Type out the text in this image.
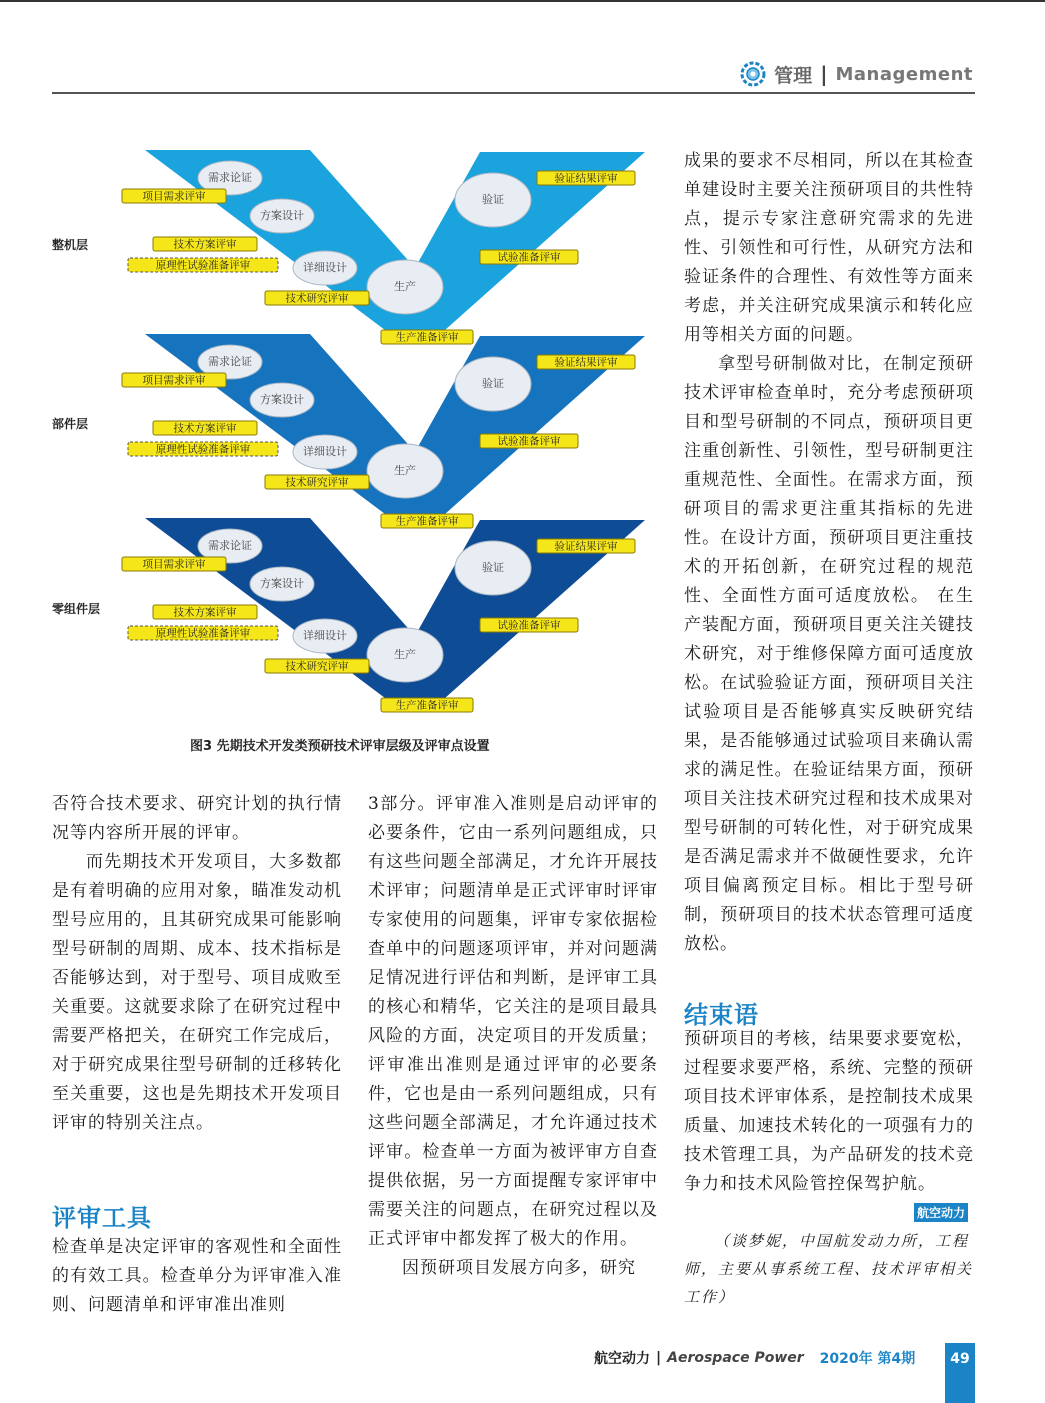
管理 | Management
需求论证
方案设计
详细设计
生产
验证
项目需求评审
技术方案评审
原理性试验准备评审
技术研究评审
生产准备评审
试验准备评审
验证结果评审
需求论证
方案设计
详细设计
生产
验证
项目需求评审
技术方案评审
原理性试验准备评审
技术研究评审
生产准备评审
试验准备评审
验证结果评审
需求论证
方案设计
详细设计
生产
验证
项目需求评审
技术方案评审
原理性试验准备评审
技术研究评审
生产准备评审
试验准备评审
验证结果评审
整机层
部件层
零组件层
图3 先期技术开发类预研技术评审层级及评审点设置

否符合技术要求、研究计划的执行情况等内容所开展的评审。

而先期技术开发项目，大多数都是有着明确的应用对象，瞄准发动机型号应用的，且其研究成果可能影响型号研制的周期、成本、技术指标是否能够达到，对于型号、项目成败至关重要。这就要求除了在研究过程中需要严格把关，在研究工作完成后，对于研究成果往型号研制的迁移转化至关重要，这也是先期技术开发项目评审的特别关注点。

评审工具

检查单是决定评审的客观性和全面性的有效工具。检查单分为评审准入准则、问题清单和评审准出准则

3部分。评审准入准则是启动评审的必要条件，它由一系列问题组成，只有这些问题全部满足，才允许开展技术评审；问题清单是正式评审时评审专家使用的问题集，评审专家依据检查单中的问题逐项评审，并对问题满足情况进行评估和判断，是评审工具的核心和精华，它关注的是项目最具风险的方面，决定项目的开发质量；评审准出准则是通过评审的必要条件，它也是由一系列问题组成，只有这些问题全部满足，才允许通过技术评审。检查单一方面为被评审方自查提供依据，另一方面提醒专家评审中需要关注的问题点，在研究过程以及正式评审中都发挥了极大的作用。

因预研项目发展方向多，研究

成果的要求不尽相同，所以在其检查单建设时主要关注预研项目的共性特点，提示专家注意研究需求的先进性、引领性和可行性，从研究方法和验证条件的合理性、有效性等方面来考虑，并关注研究成果演示和转化应用等相关方面的问题。

拿型号研制做对比，在制定预研技术评审检查单时，充分考虑预研项目和型号研制的不同点，预研项目更注重创新性、引领性，型号研制更注重规范性、全面性。在需求方面，预研项目的需求更注重其指标的先进性。在设计方面，预研项目更注重技术的开拓创新，在研究过程的规范性、全面性方面可适度放松。 在生产装配方面，预研项目更关注关键技术研究，对于维修保障方面可适度放松。在试验验证方面，预研项目关注试验项目是否能够真实反映研究结果，是否能够通过试验项目来确认需求的满足性。在验证结果方面，预研项目关注技术研究过程和技术成果对型号研制的可转化性，对于研究成果是否满足需求并不做硬性要求，允许项目偏离预定目标。相比于型号研制，预研项目的技术状态管理可适度放松。

结束语

预研项目的考核，结果要求要宽松，过程要求要严格，系统、完整的预研项目技术评审体系，是控制技术成果质量、加速技术转化的一项强有力的技术管理工具，为产品研发的技术竞争力和技术风险管控保驾护航。

航空动力
（谈梦妮，中国航发动力所，工程师，主要从事系统工程、技术评审相关工作）
航空动力 | Aerospace Power 2020年 第4期 49
